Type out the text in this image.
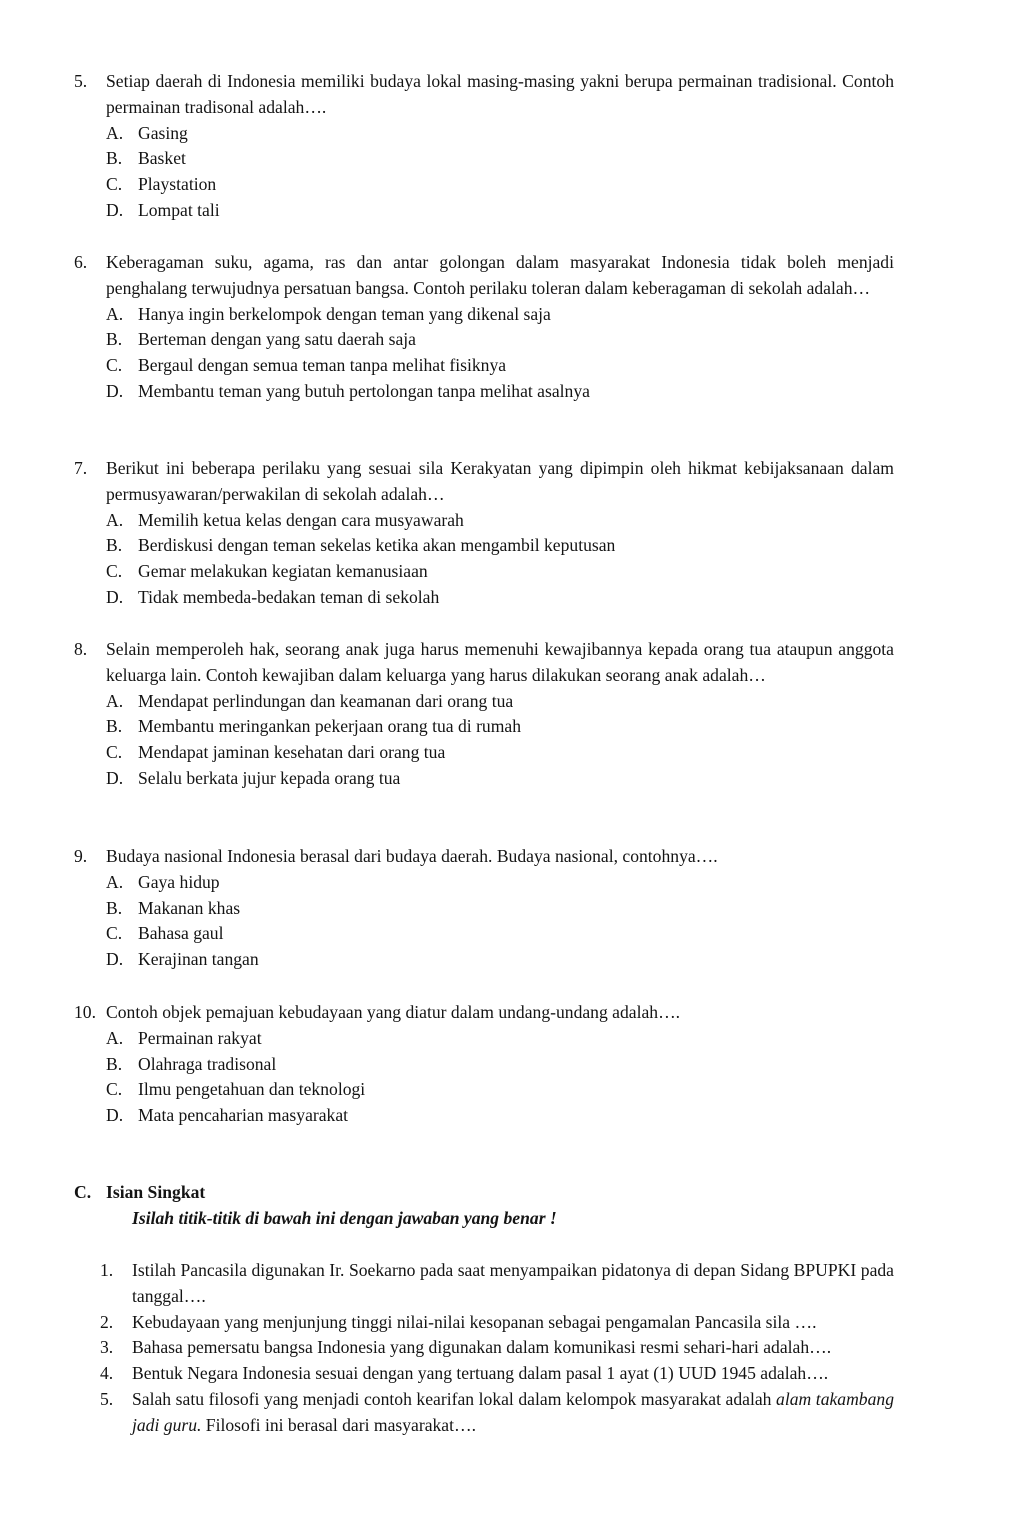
5. Setiap daerah di Indonesia memiliki budaya lokal masing-masing yakni berupa permainan tradisional. Contoh permainan tradisonal adalah….
A. Gasing
B. Basket
C. Playstation
D. Lompat tali
6. Keberagaman suku, agama, ras dan antar golongan dalam masyarakat Indonesia tidak boleh menjadi penghalang terwujudnya persatuan bangsa. Contoh perilaku toleran dalam keberagaman di sekolah adalah…
A. Hanya ingin berkelompok dengan teman yang dikenal saja
B. Berteman dengan yang satu daerah saja
C. Bergaul dengan semua teman tanpa melihat fisiknya
D. Membantu teman yang butuh pertolongan tanpa melihat asalnya
7. Berikut ini beberapa perilaku yang sesuai sila Kerakyatan yang dipimpin oleh hikmat kebijaksanaan dalam permusyawaran/perwakilan di sekolah adalah…
A. Memilih ketua kelas dengan cara musyawarah
B. Berdiskusi dengan teman sekelas ketika akan mengambil keputusan
C. Gemar melakukan kegiatan kemanusiaan
D. Tidak membeda-bedakan teman di sekolah
8. Selain memperoleh hak, seorang anak juga harus memenuhi kewajibannya kepada orang tua ataupun anggota keluarga lain. Contoh kewajiban dalam keluarga yang harus dilakukan seorang anak adalah…
A. Mendapat perlindungan dan keamanan dari orang tua
B. Membantu meringankan pekerjaan orang tua di rumah
C. Mendapat jaminan kesehatan dari orang tua
D. Selalu berkata jujur kepada orang tua
9. Budaya nasional Indonesia berasal dari budaya daerah. Budaya nasional, contohnya….
A. Gaya hidup
B. Makanan khas
C. Bahasa gaul
D. Kerajinan tangan
10. Contoh objek pemajuan kebudayaan yang diatur dalam undang-undang adalah….
A. Permainan rakyat
B. Olahraga tradisonal
C. Ilmu pengetahuan dan teknologi
D. Mata pencaharian masyarakat
C. Isian Singkat
Isilah titik-titik di bawah ini dengan jawaban yang benar !
1. Istilah Pancasila digunakan Ir. Soekarno pada saat menyampaikan pidatonya di depan Sidang BPUPKI pada tanggal….
2. Kebudayaan yang menjunjung tinggi nilai-nilai kesopanan sebagai pengamalan Pancasila sila ….
3. Bahasa pemersatu bangsa Indonesia yang digunakan dalam komunikasi resmi sehari-hari adalah….
4. Bentuk Negara Indonesia sesuai dengan yang tertuang dalam pasal 1 ayat (1) UUD 1945 adalah….
5. Salah satu filosofi yang menjadi contoh kearifan lokal dalam kelompok masyarakat adalah alam takambang jadi guru. Filosofi ini berasal dari masyarakat….
